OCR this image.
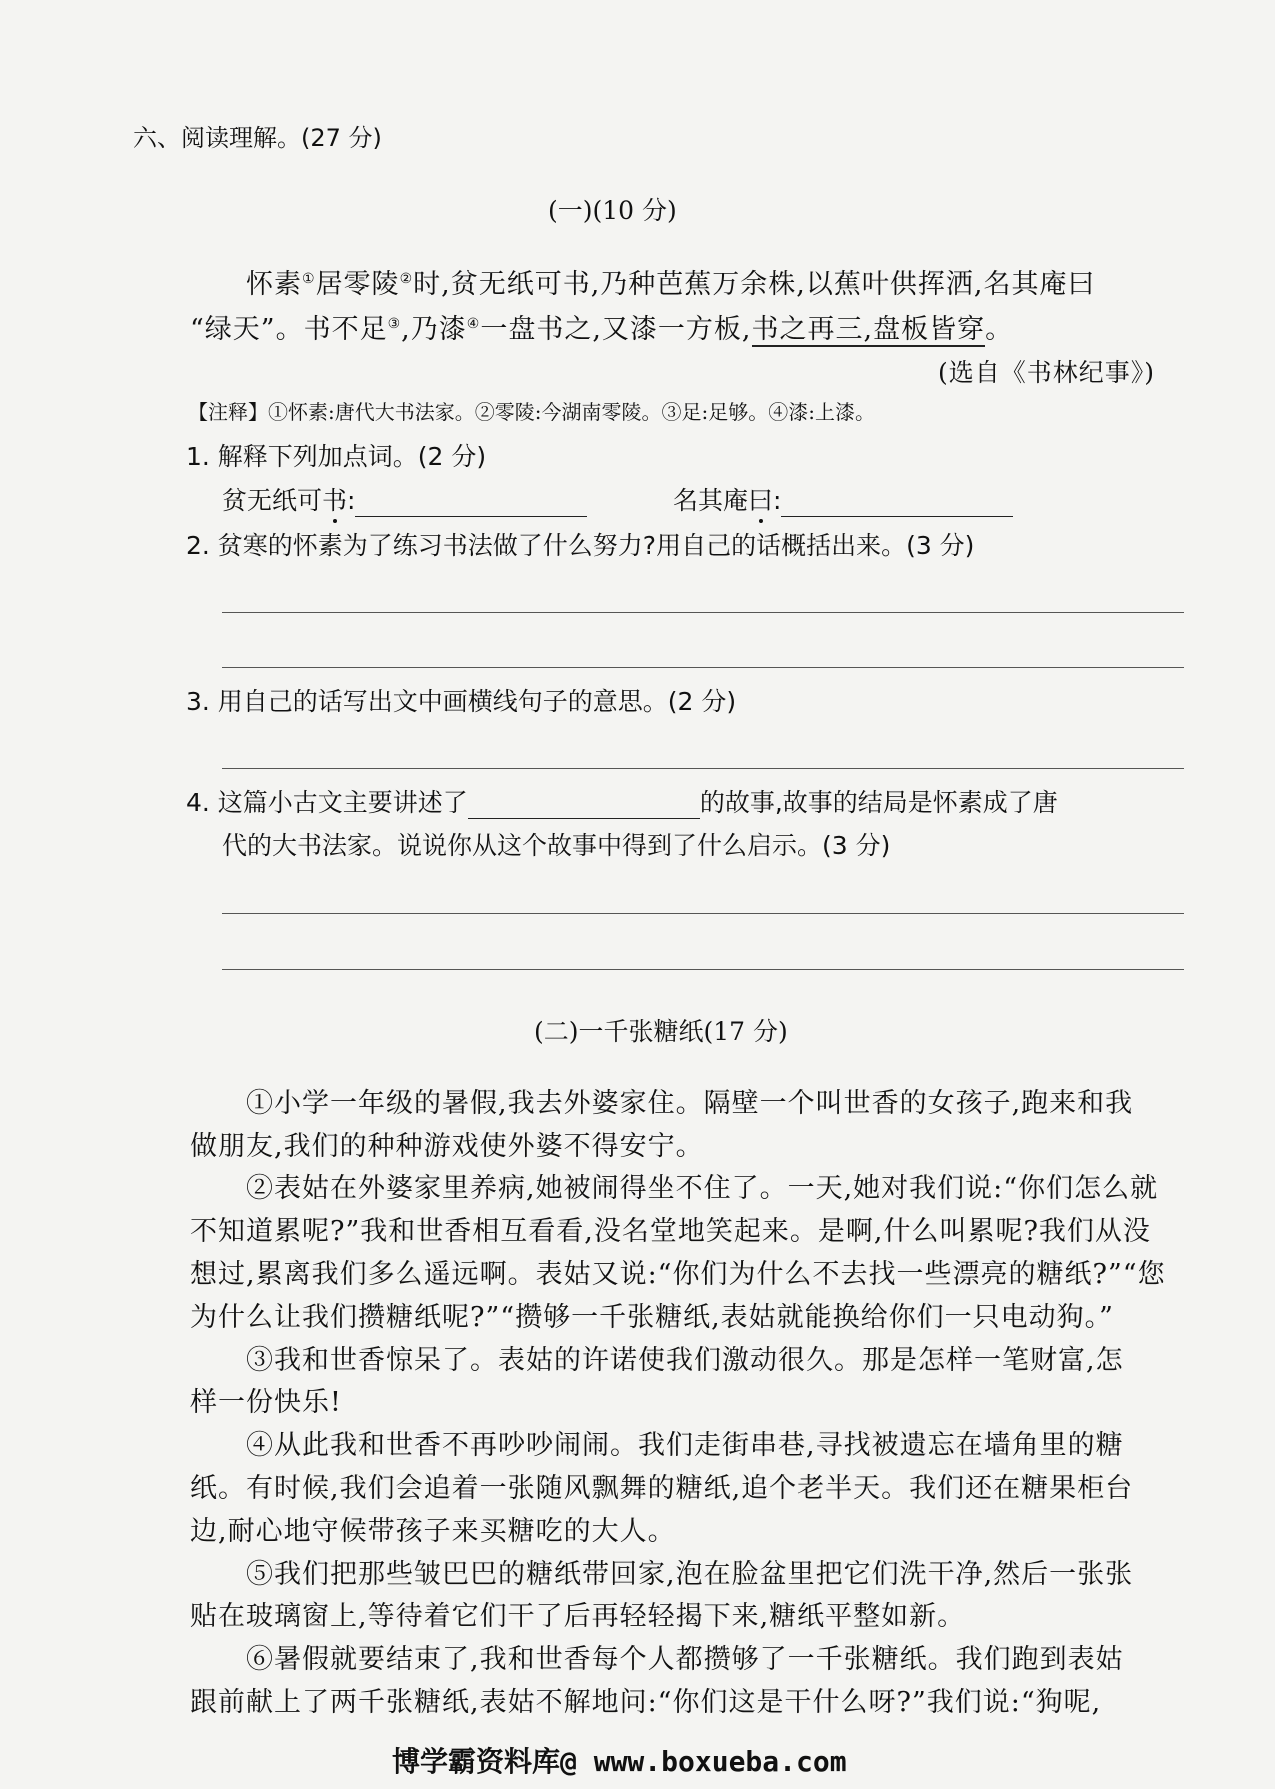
六、阅读理解。(27 分)
(一)(10 分)
怀素①居零陵②时,贫无纸可书,乃种芭蕉万余株,以蕉叶供挥洒,名其庵曰
“绿天”。书不足③,乃漆④一盘书之,又漆一方板,书之再三,盘板皆穿。
(选自《书林纪事》)
【注释】①怀素:唐代大书法家。②零陵:今湖南零陵。③足:足够。④漆:上漆。
1. 解释下列加点词。(2 分)
贫无纸可书:	名其庵曰:
2. 贫寒的怀素为了练习书法做了什么努力?用自己的话概括出来。(3 分)
3. 用自己的话写出文中画横线句子的意思。(2 分)
4. 这篇小古文主要讲述了	的故事,故事的结局是怀素成了唐
代的大书法家。说说你从这个故事中得到了什么启示。(3 分)
(二)一千张糖纸(17 分)
①小学一年级的暑假,我去外婆家住。隔壁一个叫世香的女孩子,跑来和我
做朋友,我们的种种游戏使外婆不得安宁。
②表姑在外婆家里养病,她被闹得坐不住了。一天,她对我们说:“你们怎么就
不知道累呢?”我和世香相互看看,没名堂地笑起来。是啊,什么叫累呢?我们从没
想过,累离我们多么遥远啊。表姑又说:“你们为什么不去找一些漂亮的糖纸?”“您
为什么让我们攒糖纸呢?”“攒够一千张糖纸,表姑就能换给你们一只电动狗。”
③我和世香惊呆了。表姑的许诺使我们激动很久。那是怎样一笔财富,怎
样一份快乐!
④从此我和世香不再吵吵闹闹。我们走街串巷,寻找被遗忘在墙角里的糖
纸。有时候,我们会追着一张随风飘舞的糖纸,追个老半天。我们还在糖果柜台
边,耐心地守候带孩子来买糖吃的大人。
⑤我们把那些皱巴巴的糖纸带回家,泡在脸盆里把它们洗干净,然后一张张
贴在玻璃窗上,等待着它们干了后再轻轻揭下来,糖纸平整如新。
⑥暑假就要结束了,我和世香每个人都攒够了一千张糖纸。我们跑到表姑
跟前献上了两千张糖纸,表姑不解地问:“你们这是干什么呀?”我们说:“狗呢,
博学霸资料库@ www.boxueba.com
